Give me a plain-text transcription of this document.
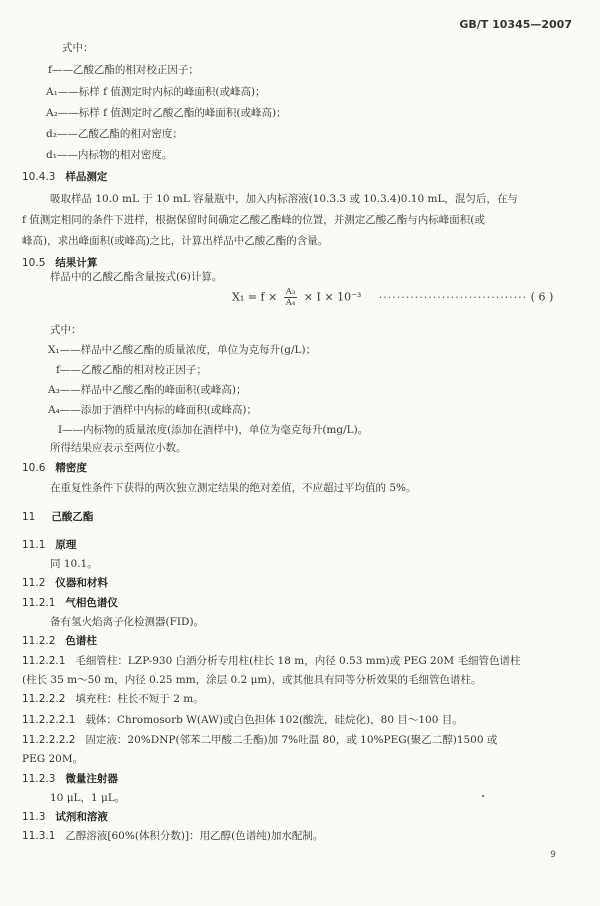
GB/T 10345—2007
式中：
f——乙酸乙酯的相对校正因子；
A₁——标样 f 值测定时内标的峰面积(或峰高)；
A₂——标样 f 值测定时乙酸乙酯的峰面积(或峰高)；
d₂——乙酸乙酯的相对密度；
d₁——内标物的相对密度。
10.4.3 样品测定
吸取样品 10.0 mL 于 10 mL 容量瓶中，加入内标溶液(10.3.3 或 10.3.4)0.10 mL，混匀后，在与
f 值测定相同的条件下进样，根据保留时间确定乙酸乙酯峰的位置，并测定乙酸乙酯与内标峰面积(或
峰高)，求出峰面积(或峰高)之比，计算出样品中乙酸乙酯的含量。
10.5 结果计算
样品中的乙酸乙酯含量按式(6)计算。
$X_1 = f \times \frac{\text{A₃}}{\text{A₄}} \times I \times 10^{-3}$ ································· ( 6 )
式中：
X₁——样品中乙酸乙酯的质量浓度，单位为克每升(g/L)；
f——乙酸乙酯的相对校正因子；
A₃——样品中乙酸乙酯的峰面积(或峰高)；
A₄——添加于酒样中内标的峰面积(或峰高)；
I——内标物的质量浓度(添加在酒样中)，单位为毫克每升(mg/L)。
所得结果应表示至两位小数。
10.6 精密度
在重复性条件下获得的两次独立测定结果的绝对差值，不应超过平均值的 5%。
11 己酸乙酯
11.1 原理
同 10.1。
11.2 仪器和材料
11.2.1 气相色谱仪
备有氢火焰离子化检测器(FID)。
11.2.2 色谱柱
11.2.2.1 毛细管柱：LZP-930 白酒分析专用柱(柱长 18 m，内径 0.53 mm)或 PEG 20M 毛细管色谱柱
(柱长 35 m～50 m，内径 0.25 mm，涂层 0.2 μm)，或其他具有同等分析效果的毛细管色谱柱。
11.2.2.2 填充柱：柱长不短于 2 m。
11.2.2.2.1 载体：Chromosorb W(AW)或白色担体 102(酸洗，硅烷化)，80 目～100 目。
11.2.2.2.2 固定液：20%DNP(邻苯二甲酸二壬酯)加 7%吐温 80，或 10%PEG(聚乙二醇)1500 或
PEG 20M。
11.2.3 微量注射器
10 μL，1 μL。
11.3 试剂和溶液
11.3.1 乙醇溶液[60%(体积分数)]：用乙醇(色谱纯)加水配制。
9
